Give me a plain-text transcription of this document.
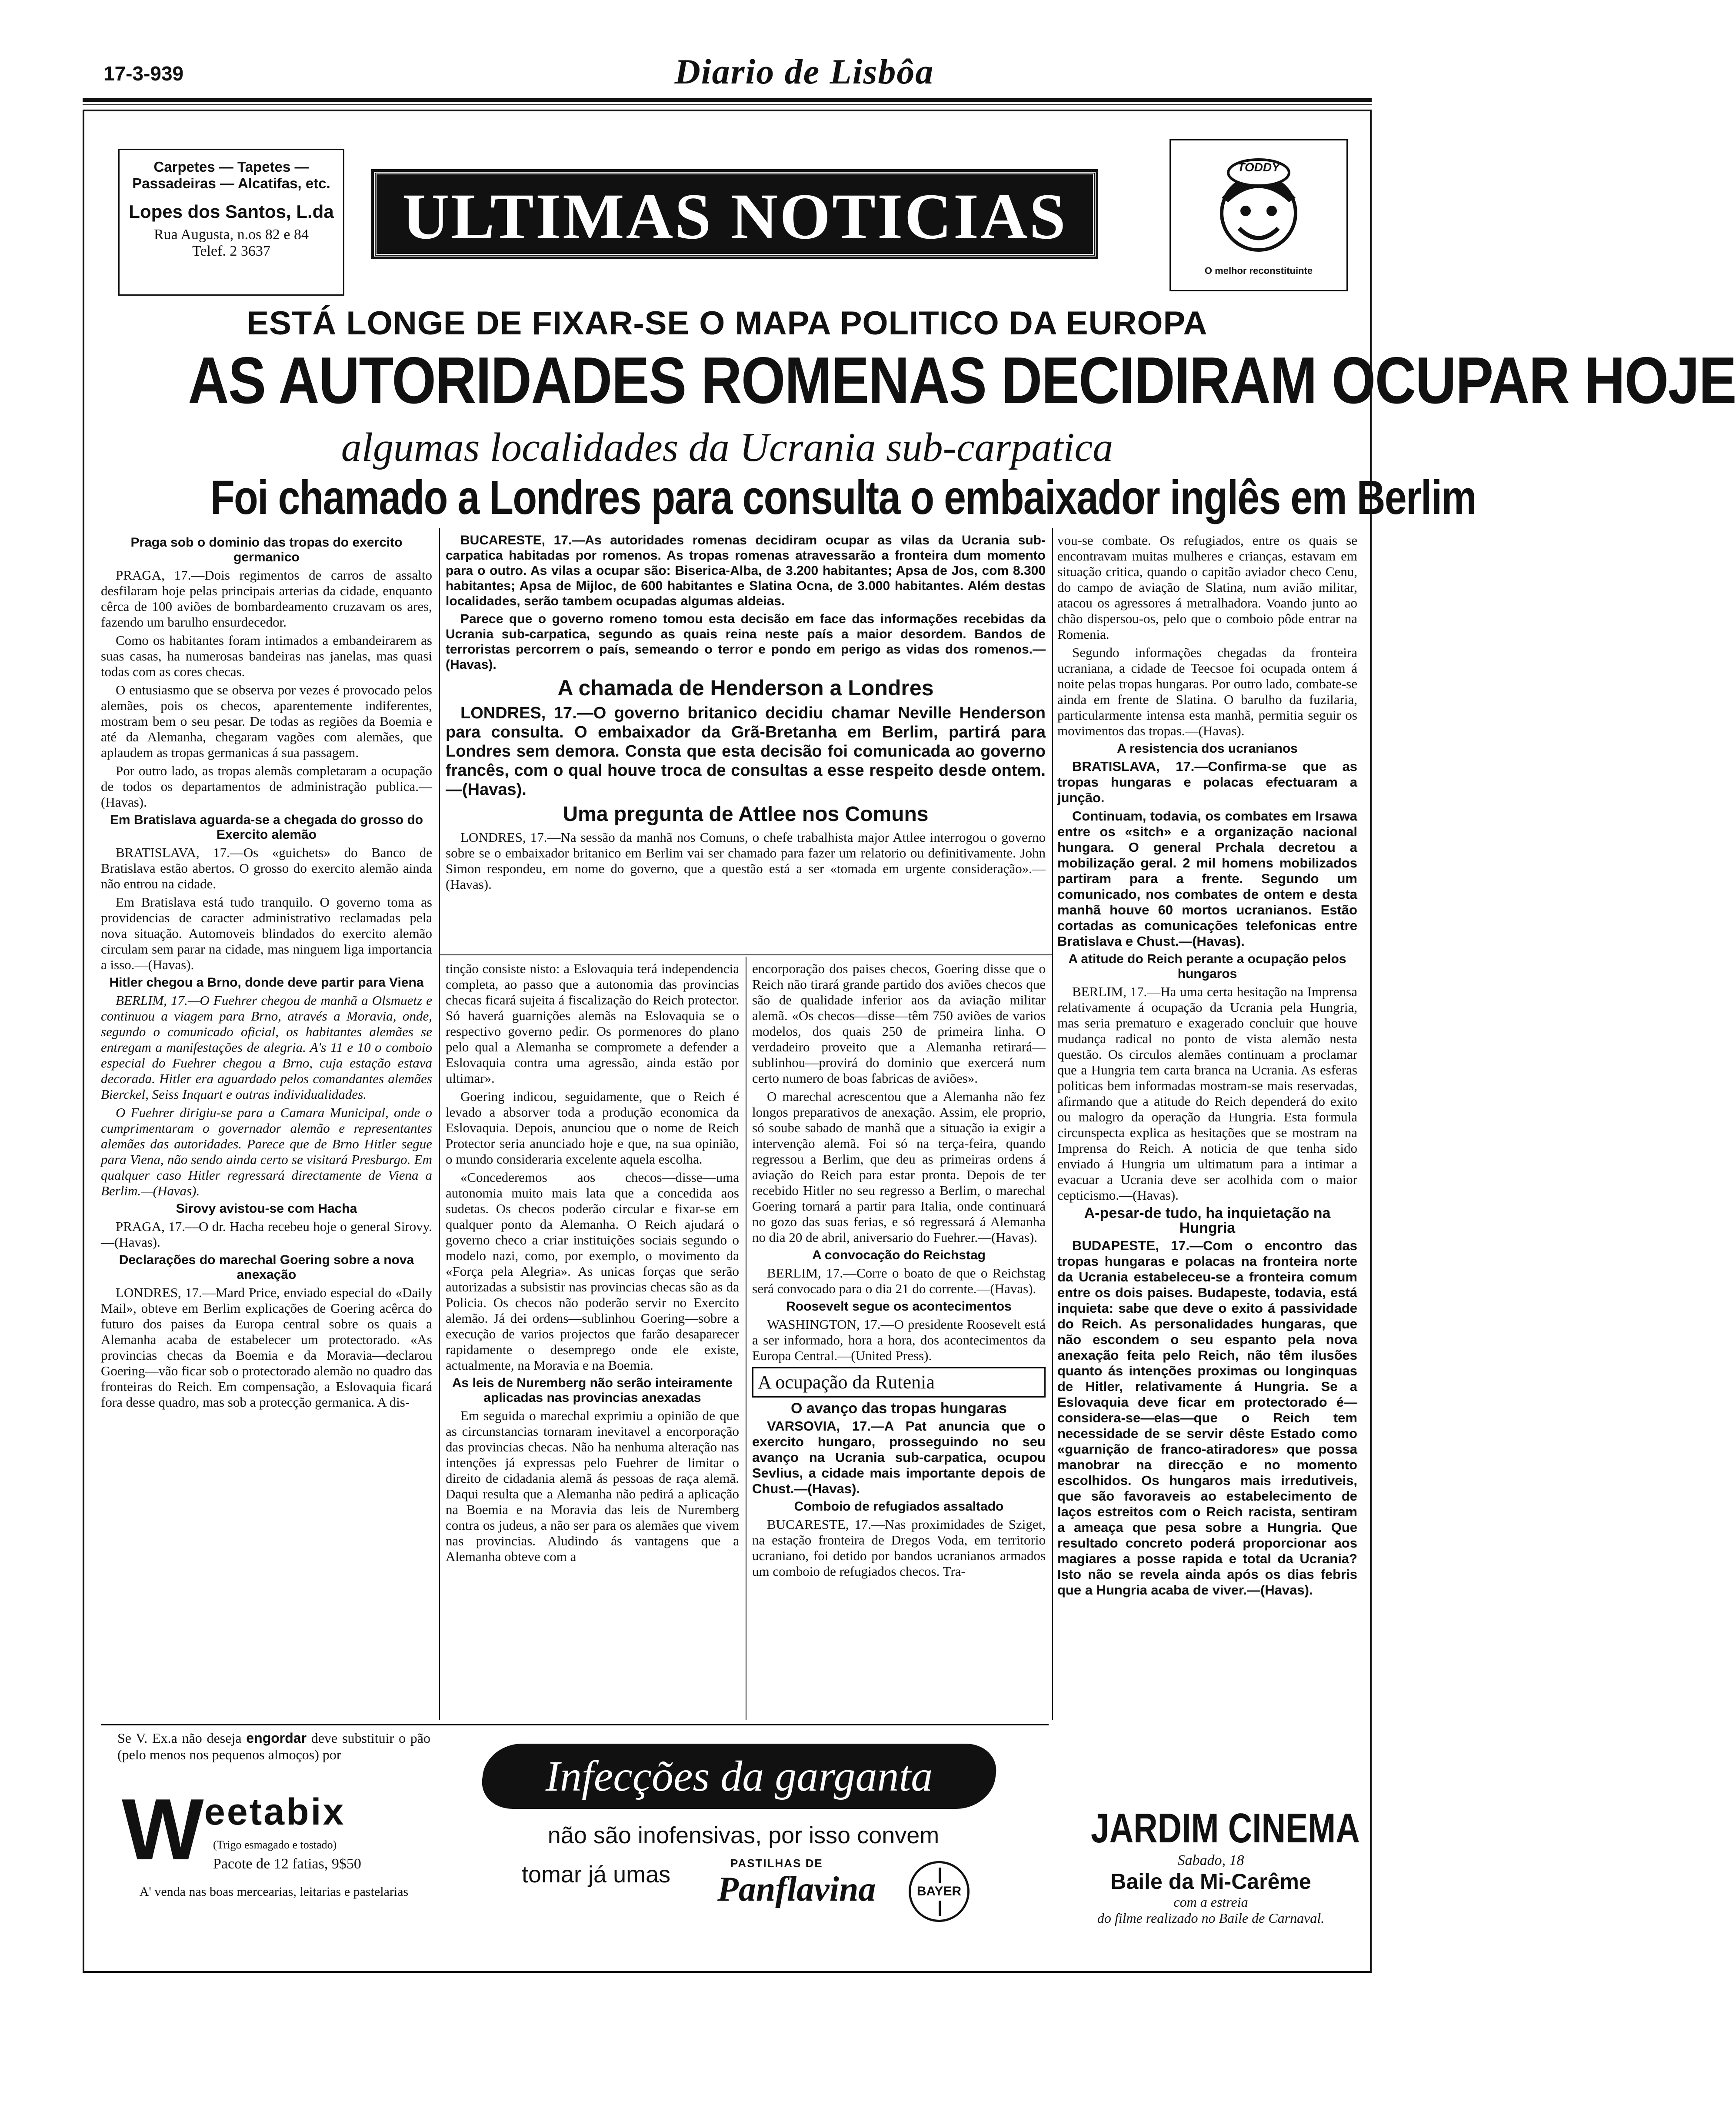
17-3-939	Diario de Lisbôa
Carpetes — Tapetes —
Passadeiras — Alcatifas, etc.
Lopes dos Santos, L.da
Rua Augusta, n.os 82 e 84
Telef. 2 3637	ULTIMAS NOTICIAS
TODDY
O melhor reconstituinte
ESTÁ LONGE DE FIXAR-SE O MAPA POLITICO DA EUROPA
AS AUTORIDADES ROMENAS DECIDIRAM OCUPAR HOJE
algumas localidades da Ucrania sub-carpatica
Foi chamado a Londres para consulta o embaixador inglês em Berlim
Praga sob o dominio das tropas do exercito germanico

PRAGA, 17.—Dois regimentos de carros de assalto desfilaram hoje pelas principais arterias da cidade, enquanto cêrca de 100 aviões de bombardeamento cruzavam os ares, fazendo um barulho ensurdecedor.

Como os habitantes foram intimados a embandeirarem as suas casas, ha numerosas bandeiras nas janelas, mas quasi todas com as cores checas.

O entusiasmo que se observa por vezes é provocado pelos alemães, pois os checos, aparentemente indiferentes, mostram bem o seu pesar. De todas as regiões da Boemia e até da Alemanha, chegaram vagões com alemães, que aplaudem as tropas germanicas á sua passagem.

Por outro lado, as tropas alemãs completaram a ocupação de todos os departamentos de administração publica.—(Havas).

Em Bratislava aguarda-se a chegada do grosso do Exercito alemão

BRATISLAVA, 17.—Os «guichets» do Banco de Bratislava estão abertos. O grosso do exercito alemão ainda não entrou na cidade.

Em Bratislava está tudo tranquilo. O governo toma as providencias de caracter administrativo reclamadas pela nova situação. Automoveis blindados do exercito alemão circulam sem parar na cidade, mas ninguem liga importancia a isso.—(Havas).

Hitler chegou a Brno, donde deve partir para Viena

BERLIM, 17.—O Fuehrer chegou de manhã a Olsmuetz e continuou a viagem para Brno, através a Moravia, onde, segundo o comunicado oficial, os habitantes alemães se entregam a manifestações de alegria. A's 11 e 10 o comboio especial do Fuehrer chegou a Brno, cuja estação estava decorada. Hitler era aguardado pelos comandantes alemães Bierckel, Seiss Inquart e outras individualidades.

O Fuehrer dirigiu-se para a Camara Municipal, onde o cumprimentaram o governador alemão e representantes alemães das autoridades. Parece que de Brno Hitler segue para Viena, não sendo ainda certo se visitará Presburgo. Em qualquer caso Hitler regressará directamente de Viena a Berlim.—(Havas).

Sirovy avistou-se com Hacha

PRAGA, 17.—O dr. Hacha recebeu hoje o general Sirovy.—(Havas).

Declarações do marechal Goering sobre a nova anexação

LONDRES, 17.—Mard Price, enviado especial do «Daily Mail», obteve em Berlim explicações de Goering acêrca do futuro dos paises da Europa central sobre os quais a Alemanha acaba de estabelecer um protectorado. «As provincias checas da Boemia e da Moravia—declarou Goering—vão ficar sob o protectorado alemão no quadro das fronteiras do Reich. Em compensação, a Eslovaquia ficará fora desse quadro, mas sob a protecção germanica. A dis-

BUCARESTE, 17.—As autoridades romenas decidiram ocupar as vilas da Ucrania sub-carpatica habitadas por romenos. As tropas romenas atravessarão a fronteira dum momento para o outro. As vilas a ocupar são: Biserica-Alba, de 3.200 habitantes; Apsa de Jos, com 8.300 habitantes; Apsa de Mijloc, de 600 habitantes e Slatina Ocna, de 3.000 habitantes. Além destas localidades, serão tambem ocupadas algumas aldeias.

Parece que o governo romeno tomou esta decisão em face das informações recebidas da Ucrania sub-carpatica, segundo as quais reina neste país a maior desordem. Bandos de terroristas percorrem o país, semeando o terror e pondo em perigo as vidas dos romenos.—(Havas).

A chamada de Henderson a Londres

LONDRES, 17.—O governo britanico decidiu chamar Neville Henderson para consulta. O embaixador da Grã-Bretanha em Berlim, partirá para Londres sem demora. Consta que esta decisão foi comunicada ao governo francês, com o qual houve troca de consultas a esse respeito desde ontem.—(Havas).

Uma pregunta de Attlee nos Comuns

LONDRES, 17.—Na sessão da manhã nos Comuns, o chefe trabalhista major Attlee interrogou o governo sobre se o embaixador britanico em Berlim vai ser chamado para fazer um relatorio ou definitivamente. John Simon respondeu, em nome do governo, que a questão está a ser «tomada em urgente consideração».—(Havas).

tinção consiste nisto: a Eslovaquia terá independencia completa, ao passo que a autonomia das provincias checas ficará sujeita á fiscalização do Reich protector. Só haverá guarnições alemãs na Eslovaquia se o respectivo governo pedir. Os pormenores do plano pelo qual a Alemanha se compromete a defender a Eslovaquia contra uma agressão, ainda estão por ultimar».

Goering indicou, seguidamente, que o Reich é levado a absorver toda a produção economica da Eslovaquia. Depois, anunciou que o nome de Reich Protector seria anunciado hoje e que, na sua opinião, o mundo consideraria excelente aquela escolha.

«Concederemos aos checos—disse—uma autonomia muito mais lata que a concedida aos sudetas. Os checos poderão circular e fixar-se em qualquer ponto da Alemanha. O Reich ajudará o governo checo a criar instituições sociais segundo o modelo nazi, como, por exemplo, o movimento da «Força pela Alegria». As unicas forças que serão autorizadas a subsistir nas provincias checas são as da Policia. Os checos não poderão servir no Exercito alemão. Já dei ordens—sublinhou Goering—sobre a execução de varios projectos que farão desaparecer rapidamente o desemprego onde ele existe, actualmente, na Moravia e na Boemia.

As leis de Nuremberg não serão inteiramente aplicadas nas provincias anexadas

Em seguida o marechal exprimiu a opinião de que as circunstancias tornaram inevitavel a encorporação das provincias checas. Não ha nenhuma alteração nas intenções já expressas pelo Fuehrer de limitar o direito de cidadania alemã ás pessoas de raça alemã. Daqui resulta que a Alemanha não pedirá a aplicação na Boemia e na Moravia das leis de Nuremberg contra os judeus, a não ser para os alemães que vivem nas provincias. Aludindo ás vantagens que a Alemanha obteve com a

encorporação dos paises checos, Goering disse que o Reich não tirará grande partido dos aviões checos que são de qualidade inferior aos da aviação militar alemã. «Os checos—disse—têm 750 aviões de varios modelos, dos quais 250 de primeira linha. O verdadeiro proveito que a Alemanha retirará—sublinhou—provirá do dominio que exercerá num certo numero de boas fabricas de aviões».

O marechal acrescentou que a Alemanha não fez longos preparativos de anexação. Assim, ele proprio, só soube sabado de manhã que a situação ia exigir a intervenção alemã. Foi só na terça-feira, quando regressou a Berlim, que deu as primeiras ordens á aviação do Reich para estar pronta. Depois de ter recebido Hitler no seu regresso a Berlim, o marechal Goering tornará a partir para Italia, onde continuará no gozo das suas ferias, e só regressará á Alemanha no dia 20 de abril, aniversario do Fuehrer.—(Havas).

A convocação do Reichstag

BERLIM, 17.—Corre o boato de que o Reichstag será convocado para o dia 21 do corrente.—(Havas).

Roosevelt segue os acontecimentos

WASHINGTON, 17.—O presidente Roosevelt está a ser informado, hora a hora, dos acontecimentos da Europa Central.—(United Press).

A ocupação da Rutenia
O avanço das tropas hungaras

VARSOVIA, 17.—A Pat anuncia que o exercito hungaro, prosseguindo no seu avanço na Ucrania sub-carpatica, ocupou Sevlius, a cidade mais importante depois de Chust.—(Havas).

Comboio de refugiados assaltado

BUCARESTE, 17.—Nas proximidades de Sziget, na estação fronteira de Dregos Voda, em territorio ucraniano, foi detido por bandos ucranianos armados um comboio de refugiados checos. Tra-

vou-se combate. Os refugiados, entre os quais se encontravam muitas mulheres e crianças, estavam em situação critica, quando o capitão aviador checo Cenu, do campo de aviação de Slatina, num avião militar, atacou os agressores á metralhadora. Voando junto ao chão dispersou-os, pelo que o comboio pôde entrar na Romenia.

Segundo informações chegadas da fronteira ucraniana, a cidade de Teecsoe foi ocupada ontem á noite pelas tropas hungaras. Por outro lado, combate-se ainda em frente de Slatina. O barulho da fuzilaria, particularmente intensa esta manhã, permitia seguir os movimentos das tropas.—(Havas).

A resistencia dos ucranianos

BRATISLAVA, 17.—Confirma-se que as tropas hungaras e polacas efectuaram a junção.

Continuam, todavia, os combates em Irsawa entre os «sitch» e a organização nacional hungara. O general Prchala decretou a mobilização geral. 2 mil homens mobilizados partiram para a frente. Segundo um comunicado, nos combates de ontem e desta manhã houve 60 mortos ucranianos. Estão cortadas as comunicações telefonicas entre Bratislava e Chust.—(Havas).

A atitude do Reich perante a ocupação pelos hungaros

BERLIM, 17.—Ha uma certa hesitação na Imprensa relativamente á ocupação da Ucrania pela Hungria, mas seria prematuro e exagerado concluir que houve mudança radical no ponto de vista alemão nesta questão. Os circulos alemães continuam a proclamar que a Hungria tem carta branca na Ucrania. As esferas politicas bem informadas mostram-se mais reservadas, afirmando que a atitude do Reich dependerá do exito ou malogro da operação da Hungria. Esta formula circunspecta explica as hesitações que se mostram na Imprensa do Reich. A noticia de que tenha sido enviado á Hungria um ultimatum para a intimar a evacuar a Ucrania deve ser acolhida com o maior cepticismo.—(Havas).

A-pesar-de tudo, ha inquietação na Hungria

BUDAPESTE, 17.—Com o encontro das tropas hungaras e polacas na fronteira norte da Ucrania estabeleceu-se a fronteira comum entre os dois paises. Budapeste, todavia, está inquieta: sabe que deve o exito á passividade do Reich. As personalidades hungaras, que não escondem o seu espanto pela nova anexação feita pelo Reich, não têm ilusões quanto ás intenções proximas ou longinquas de Hitler, relativamente á Hungria. Se a Eslovaquia deve ficar em protectorado é—considera-se—elas—que o Reich tem necessidade de se servir dêste Estado como «guarnição de franco-atiradores» que possa manobrar na direcção e no momento escolhidos. Os hungaros mais irredutiveis, que são favoraveis ao estabelecimento de laços estreitos com o Reich racista, sentiram a ameaça que pesa sobre a Hungria. Que resultado concreto poderá proporcionar aos magiares a posse rapida e total da Ucrania? Isto não se revela ainda após os dias febris que a Hungria acaba de viver.—(Havas).

Se V. Ex.a não deseja engordar deve substituir o pão (pelo menos nos pequenos almoços) por
W eetabix
(Trigo esmagado e tostado)
Pacote de 12 fatias, 9$50
A' venda nas boas mercearias, leitarias e pastelarias
Infecções da garganta
não são inofensivas, por isso convem
tomar já umas	PASTILHAS DE
Panflavina	BAYER
JARDIM CINEMA
Sabado, 18
Baile da Mi-Carême
com a estreia
do filme realizado no Baile de Carnaval.
